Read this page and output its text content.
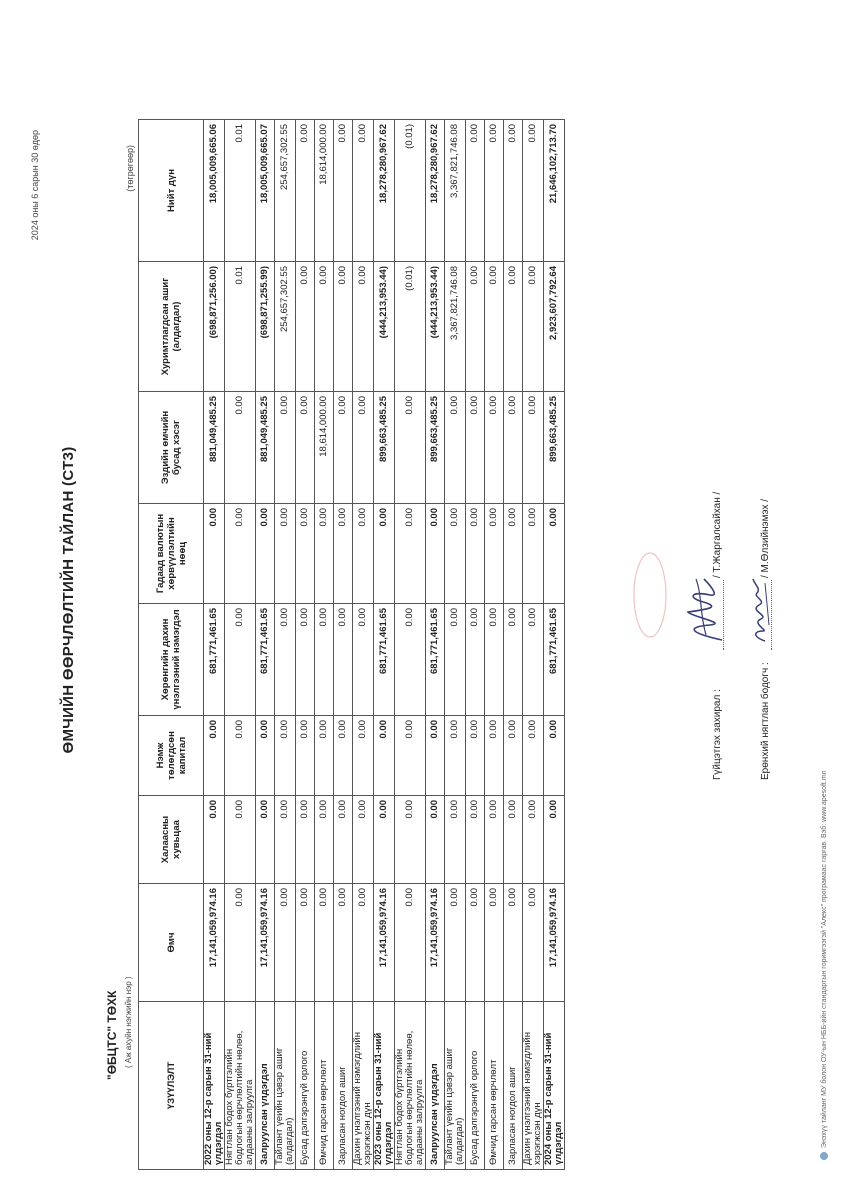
ӨМЧИЙН ӨӨРЧЛӨЛТИЙН ТАЙЛАН (СТ3)
2024 оны 6 сарын 30 өдөр
"ӨБЦТС" ТӨХК ( Аж ахуйн нэгжийн нэр )
(төгрөгөөр)
ҮЗҮҮЛЭЛТ	Өмч	Халаасны хувьцаа	Нэмж төлөгдсөн капитал	Хөрөнгийн дахин үнэлгээний нэмэгдэл	Гадаад валютын хөрвүүлэлтийн нөөц	Эздийн өмчийн бусад хэсэг	Хуримтлагдсан ашиг (алдагдал)	Нийт дүн
2022 оны 12-р сарын 31-ний үлдэгдэл	17,141,059,974.16	0.00	0.00	681,771,461.65	0.00	881,049,485.25	(698,871,256.00)	18,005,009,665.06
Нягтлан бодох бүртгэлийн бодлогын өөрчлөлтийн нөлөө, алдааны залруулга	0.00	0.00	0.00	0.00	0.00	0.00	0.01	0.01
Залруулсан үлдэгдэл	17,141,059,974.16	0.00	0.00	681,771,461.65	0.00	881,049,485.25	(698,871,255.99)	18,005,009,665.07
Тайлант үеийн цэвэр ашиг (алдагдал)	0.00	0.00	0.00	0.00	0.00	0.00	254,657,302.55	254,657,302.55
Бусад дэлгэрэнгүй орлого	0.00	0.00	0.00	0.00	0.00	0.00	0.00	0.00
Өмчид гарсан өөрчлөлт	0.00	0.00	0.00	0.00	0.00	18,614,000.00	0.00	18,614,000.00
Зарласан ногдол ашиг	0.00	0.00	0.00	0.00	0.00	0.00	0.00	0.00
Дахин үнэлгээний нэмэгдлийн хэрэгжсэн дүн	0.00	0.00	0.00	0.00	0.00	0.00	0.00	0.00
2023 оны 12-р сарын 31-ний үлдэгдэл	17,141,059,974.16	0.00	0.00	681,771,461.65	0.00	899,663,485.25	(444,213,953.44)	18,278,280,967.62
Нягтлан бодох бүртгэлийн бодлогын өөрчлөлтийн нөлөө, алдааны залруулга	0.00	0.00	0.00	0.00	0.00	0.00	(0.01)	(0.01)
Залруулсан үлдэгдэл	17,141,059,974.16	0.00	0.00	681,771,461.65	0.00	899,663,485.25	(444,213,953.44)	18,278,280,967.62
Тайлант үеийн цэвэр ашиг (алдагдал)	0.00	0.00	0.00	0.00	0.00	0.00	3,367,821,746.08	3,367,821,746.08
Бусад дэлгэрэнгүй орлого	0.00	0.00	0.00	0.00	0.00	0.00	0.00	0.00
Өмчид гарсан өөрчлөлт	0.00	0.00	0.00	0.00	0.00	0.00	0.00	0.00
Зарласан ногдол ашиг	0.00	0.00	0.00	0.00	0.00	0.00	0.00	0.00
Дахин үнэлгээний нэмэгдлийн хэрэгжсэн дүн	0.00	0.00	0.00	0.00	0.00	0.00	0.00	0.00
2024 оны 12-р сарын 31-ний үлдэгдэл	17,141,059,974.16	0.00	0.00	681,771,461.65	0.00	899,663,485.25	2,923,607,792.64	21,646,102,713.70
Гүйцэтгэх захирал :
/ Т.Жаргалсайхан /
Ерөнхий нягтлан бодогч :
/ М.Өлзийнэмэх /
Энэхүү тайланг МУ болон ОУ-ын НББ-ийн стандартын горимгээгэй "Алекс" програмаас гаргав. Вэб: www.apesoft.mn
